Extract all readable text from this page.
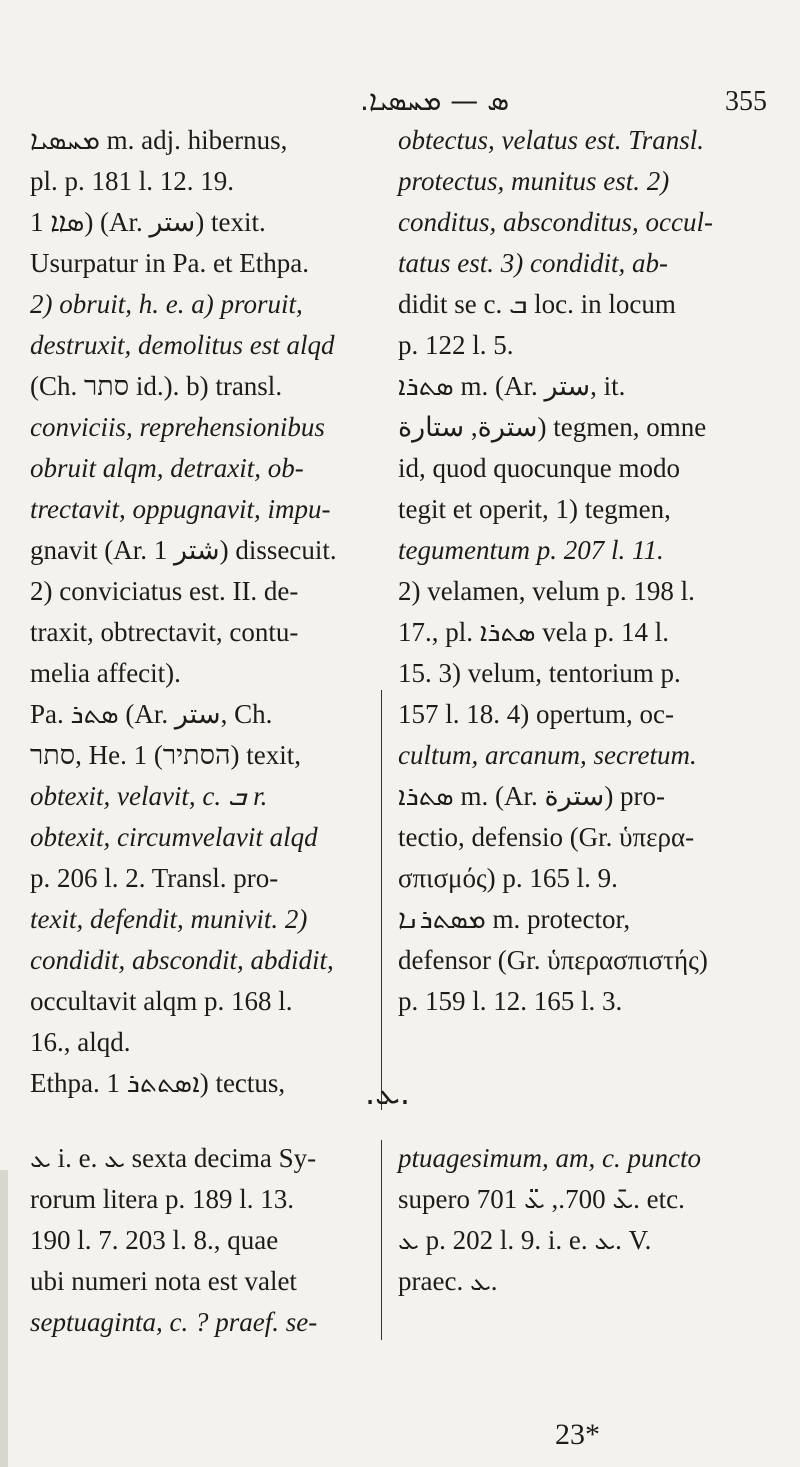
.ܣ — ܡܚܣܝܐ	355
ܡܚܣܝܐ m. adj. hibernus,
pl. p. 181 l. 12. 19.
ܣܐܐ 1) (Ar. ستر) texit.
Usurpatur in Pa. et Ethpa.
2) obruit, h. e. a) proruit,
destruxit, demolitus est alqd
(Ch. סתר id.). b) transl.
conviciis, reprehensionibus
obruit alqm, detraxit, ob-
trectavit, oppugnavit, impu-
gnavit (Ar. شتر 1) dissecuit.
2) conviciatus est. II. de-
traxit, obtrectavit, contu-
melia affecit).
Pa. ܣܬܪ (Ar. ستر, Ch.
סתר, He. הסתיר) 1) texit,
obtexit, velavit, c. ܒ r.
obtexit, circumvelavit alqd
p. 206 l. 2. Transl. pro-
texit, defendit, munivit. 2)
condidit, abscondit, abdidit,
occultavit alqm p. 168 l.
16., alqd.
Ethpa. ܐܣܬܬܪ 1) tectus,
obtectus, velatus est. Transl.
protectus, munitus est. 2)
conditus, absconditus, occul-
tatus est. 3) condidit, ab-
didit se c. ܒ loc. in locum
p. 122 l. 5.
ܣܬܪܐ m. (Ar. ستر, it.
سترة, ستارة) tegmen, omne
id, quod quocunque modo
tegit et operit, 1) tegmen,
tegumentum p. 207 l. 11.
2) velamen, velum p. 198 l.
17., pl. ܣܬܪܐ vela p. 14 l.
15. 3) velum, tentorium p.
157 l. 18. 4) opertum, oc-
cultum, arcanum, secretum.
ܣܬܪܐ m. (Ar. سترة) pro-
tectio, defensio (Gr. ὑπερα-
σπισμός) p. 165 l. 9.
ܡܣܬܪܢܐ m. protector,
defensor (Gr. ὑπερασπιστής)
p. 159 l. 12. 165 l. 3.
.ܥ.
ܥ i. e. ܥ sexta decima Sy-
rorum litera p. 189 l. 13.
190 l. 7. 203 l. 8., quae
ubi numeri nota est valet
septuaginta, c. ? praef. se-
ptuagesimum, am, c. puncto
supero ܥ̄ 700., ܥ̈ 701. etc.
ܥ p. 202 l. 9. i. e. ܥ. V.
praec. ܥ.
23*
